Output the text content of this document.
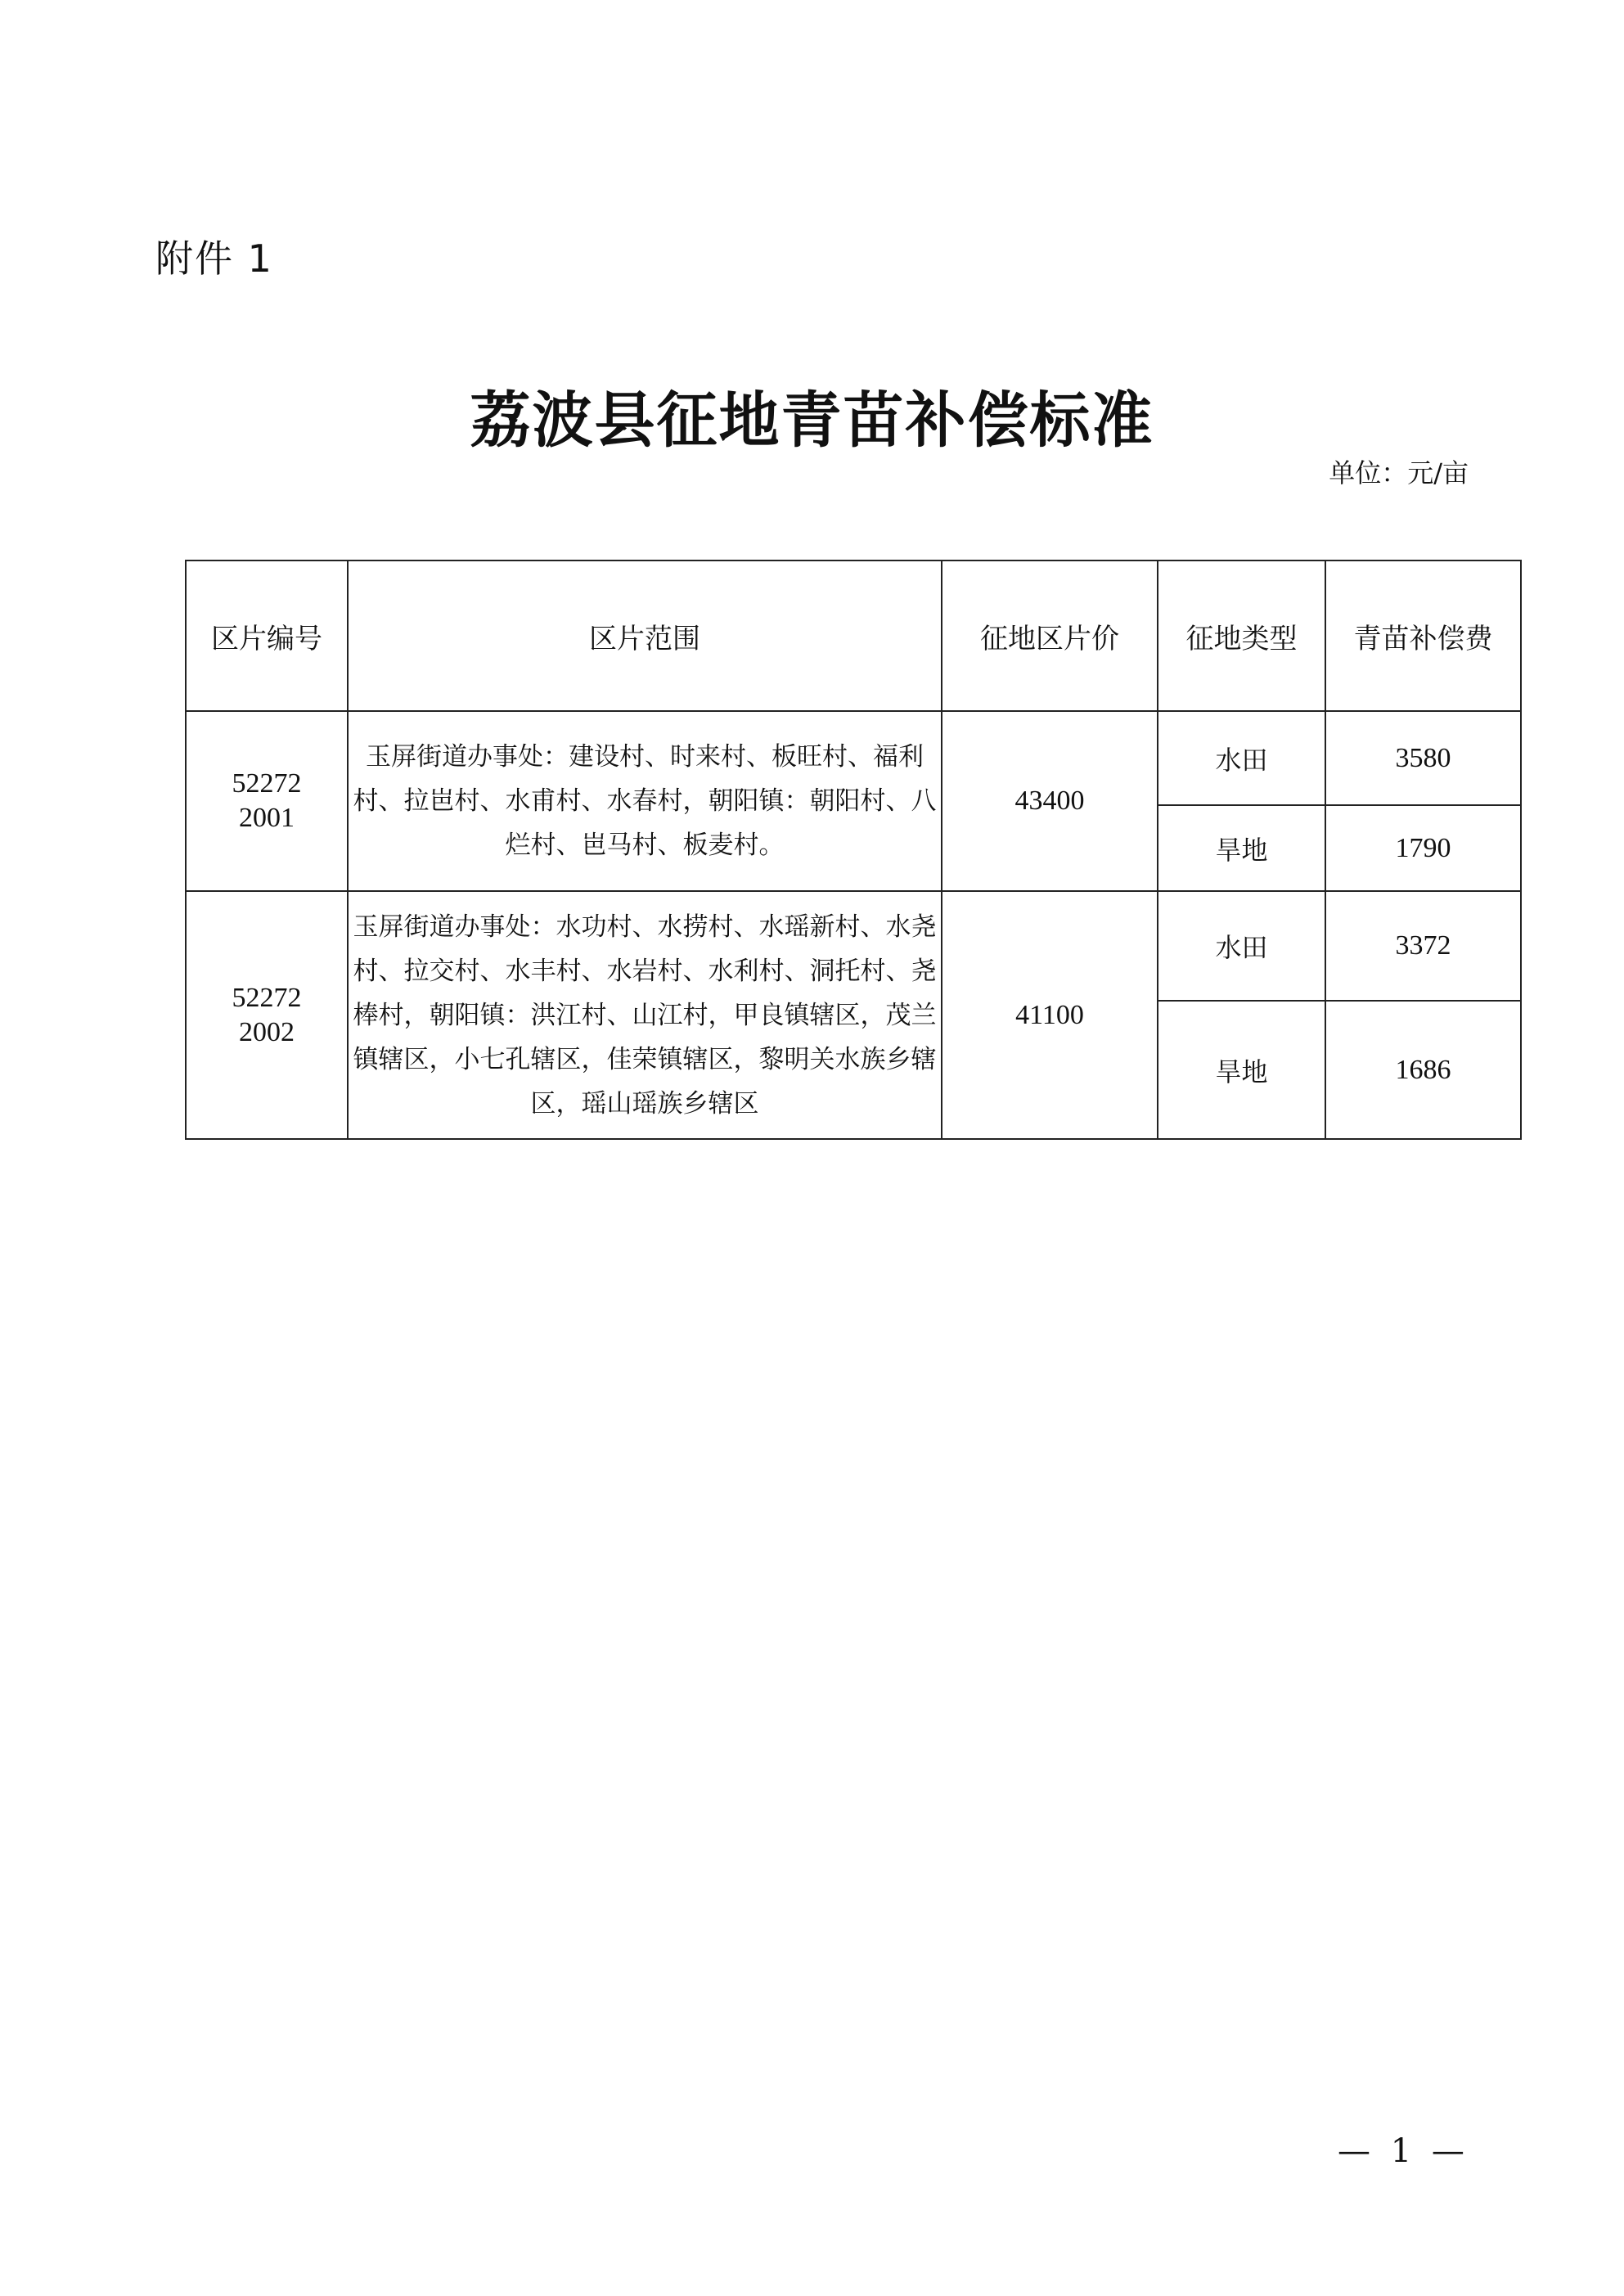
附件 1
荔波县征地青苗补偿标准
单位：元/亩
区片编号	区片范围	征地区片价	征地类型	青苗补偿费

52272
2001	玉屏街道办事处：建设村、时来村、板旺村、福利村、拉岜村、水甫村、水春村，朝阳镇：朝阳村、八烂村、岜马村、板麦村。	43400	水田	3580
			旱地	1790

52272
2002	玉屏街道办事处：水功村、水捞村、水瑶新村、水尧村、拉交村、水丰村、水岩村、水利村、洞托村、尧棒村，朝阳镇：洪江村、山江村，甲良镇辖区，茂兰镇辖区，小七孔辖区，佳荣镇辖区，黎明关水族乡辖区，瑶山瑶族乡辖区	41100	水田	3372
			旱地	1686
— 1 —
